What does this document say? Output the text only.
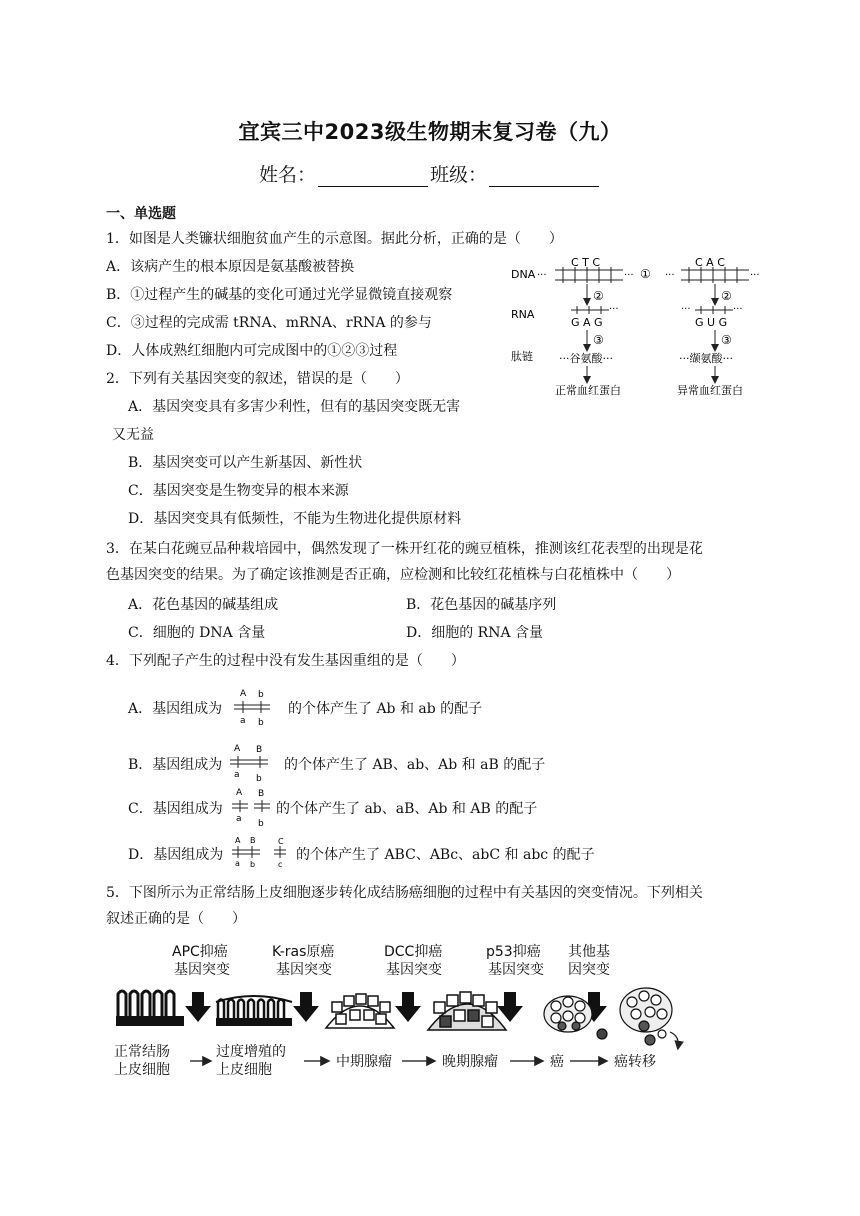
宜宾三中2023级生物期末复习卷（九）
姓名：	班级：
一、单选题
1．如图是人类镰状细胞贫血产生的示意图。据此分析，正确的是（　　）
A．该病产生的根本原因是氨基酸被替换
B．①过程产生的碱基的变化可通过光学显微镜直接观察
C．③过程的完成需 tRNA、mRNA、rRNA 的参与
D．人体成熟红细胞内可完成图中的①②③过程
DNA
RNA
肽链
C T C
···	··· ①
C A C
···	···
②	②
···
G A G
···	···
G U G
③	③
···谷氨酸···	···缬氨酸···
正常血红蛋白	异常血红蛋白
2．下列有关基因突变的叙述，错误的是（　　）
A．基因突变具有多害少利性，但有的基因突变既无害
又无益
B．基因突变可以产生新基因、新性状
C．基因突变是生物变异的根本来源
D．基因突变具有低频性，不能为生物进化提供原材料
3．在某白花豌豆品种栽培园中，偶然发现了一株开红花的豌豆植株，推测该红花表型的出现是花
色基因突变的结果。为了确定该推测是否正确，应检测和比较红花植株与白花植株中（　　）
A．花色基因的碱基组成	B．花色基因的碱基序列
C．细胞的 DNA 含量	D．细胞的 RNA 含量
4．下列配子产生的过程中没有发生基因重组的是（　　）
A．基因组成为
A b
a b
的个体产生了 Ab 和 ab 的配子
B．基因组成为
A B
a b
的个体产生了 AB、ab、Ab 和 aB 的配子
C．基因组成为
A B
a b
的个体产生了 ab、aB、Ab 和 AB 的配子
D．基因组成为
A B
a b
C
c
的个体产生了 ABC、ABc、abC 和 abc 的配子
5．下图所示为正常结肠上皮细胞逐步转化成结肠癌细胞的过程中有关基因的突变情况。下列相关
叙述正确的是（　　）
APC抑癌
基因突变
K-ras原癌
基因突变
DCC抑癌
基因突变
p53抑癌
基因突变
其他基
因突变
正常结肠
上皮细胞
过度增殖的
上皮细胞	中期腺瘤	晚期腺瘤	癌	癌转移
